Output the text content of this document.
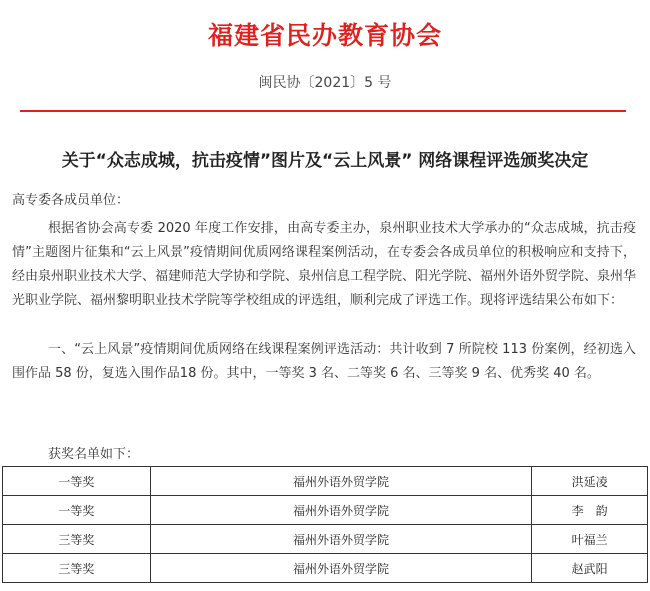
福建省民办教育协会
闽民协〔2021〕5 号
关于“众志成城，抗击疫情”图片及“云上风景” 网络课程评选颁奖决定
高专委各成员单位：

根据省协会高专委 2020 年度工作安排，由高专委主办，泉州职业技术大学承办的“众志成城，抗击疫情”主题图片征集和“云上风景”疫情期间优质网络课程案例活动，在专委会各成员单位的积极响应和支持下，经由泉州职业技术大学、福建师范大学协和学院、泉州信息工程学院、阳光学院、福州外语外贸学院、泉州华光职业学院、福州黎明职业技术学院等学校组成的评选组，顺利完成了评选工作。现将评选结果公布如下：

一、“云上风景”疫情期间优质网络在线课程案例评选活动：共计收到 7 所院校 113 份案例，经初选入围作品 58 份，复选入围作品18 份。其中，一等奖 3 名、二等奖 6 名、三等奖 9 名、优秀奖 40 名。

获奖名单如下：
一等奖	福州外语外贸学院	洪延凌
一等奖	福州外语外贸学院	李　韵
三等奖	福州外语外贸学院	叶福兰
三等奖	福州外语外贸学院	赵武阳
